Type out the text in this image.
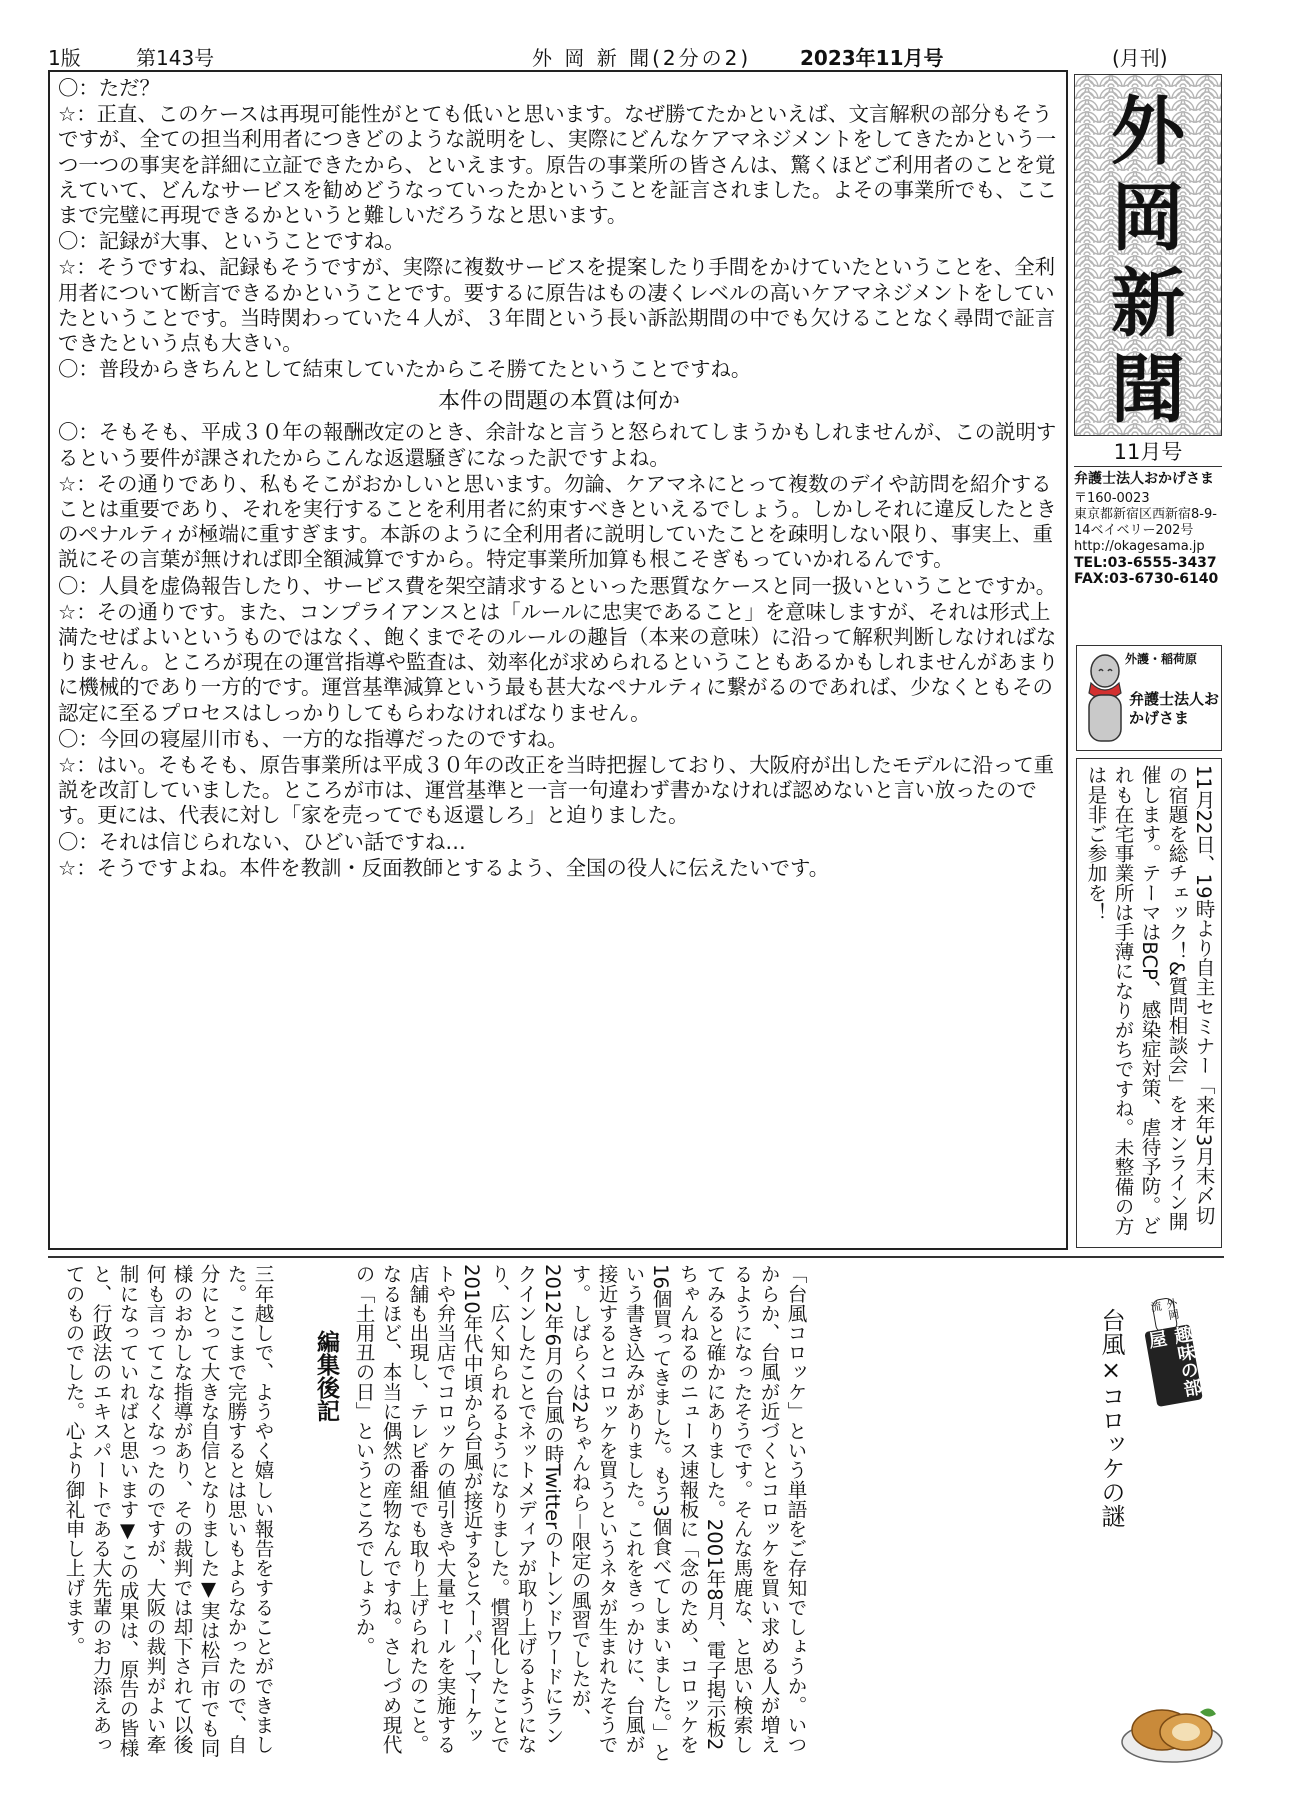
1版	第143号	外 岡 新 聞(2分の2) 2023年11月号	(月刊)

〇：ただ？

☆：正直、このケースは再現可能性がとても低いと思います。なぜ勝てたかといえば、文言解釈の部分もそうですが、全ての担当利用者につきどのような説明をし、実際にどんなケアマネジメントをしてきたかという一つ一つの事実を詳細に立証できたから、といえます。原告の事業所の皆さんは、驚くほどご利用者のことを覚えていて、どんなサービスを勧めどうなっていったかということを証言されました。よその事業所でも、ここまで完璧に再現できるかというと難しいだろうなと思います。

〇：記録が大事、ということですね。

☆：そうですね、記録もそうですが、実際に複数サービスを提案したり手間をかけていたということを、全利用者について断言できるかということです。要するに原告はもの凄くレベルの高いケアマネジメントをしていたということです。当時関わっていた４人が、３年間という長い訴訟期間の中でも欠けることなく尋問で証言できたという点も大きい。

〇：普段からきちんとして結束していたからこそ勝てたということですね。

本件の問題の本質は何か

〇：そもそも、平成３０年の報酬改定のとき、余計なと言うと怒られてしまうかもしれませんが、この説明するという要件が課されたからこんな返還騒ぎになった訳ですよね。

☆：その通りであり、私もそこがおかしいと思います。勿論、ケアマネにとって複数のデイや訪問を紹介することは重要であり、それを実行することを利用者に約束すべきといえるでしょう。しかしそれに違反したときのペナルティが極端に重すぎます。本訴のように全利用者に説明していたことを疎明しない限り、事実上、重説にその言葉が無ければ即全額減算ですから。特定事業所加算も根こそぎもっていかれるんです。

〇：人員を虚偽報告したり、サービス費を架空請求するといった悪質なケースと同一扱いということですか。

☆：その通りです。また、コンプライアンスとは「ルールに忠実であること」を意味しますが、それは形式上満たせばよいというものではなく、飽くまでそのルールの趣旨（本来の意味）に沿って解釈判断しなければなりません。ところが現在の運営指導や監査は、効率化が求められるということもあるかもしれませんがあまりに機械的であり一方的です。運営基準減算という最も甚大なペナルティに繋がるのであれば、少なくともその認定に至るプロセスはしっかりしてもらわなければなりません。

〇：今回の寝屋川市も、一方的な指導だったのですね。

☆：はい。そもそも、原告事業所は平成３０年の改正を当時把握しており、大阪府が出したモデルに沿って重説を改訂していました。ところが市は、運営基準と一言一句違わず書かなければ認めないと言い放ったのです。更には、代表に対し「家を売ってでも返還しろ」と迫りました。

〇：それは信じられない、ひどい話ですね…

☆：そうですよね。本件を教訓・反面教師とするよう、全国の役人に伝えたいです。

外
岡
新
聞
11月号
弁護士法人おかげさま
〒160-0023
東京都新宿区西新宿8-9-14ベイベリー202号
http://okagesama.jp
TEL:03-6555-3437
FAX:03-6730-6140
外護・稲荷原
弁護士法人おかげさま
11月22日、19時より自主セミナー「来年3月末〆切の宿題を総チェック！&質問相談会」をオンライン開催します。テーマはBCP、感染症対策、虐待予防。どれも在宅事業所は手薄になりがちですね。未整備の方は是非ご参加を！
外岡流
趣味の部屋
台風×コロッケの謎
「台風コロッケ」という単語をご存知でしょうか。いつからか、台風が近づくとコロッケを買い求める人が増えるようになったそうです。そんな馬鹿な、と思い検索してみると確かにありました。2001年8月、電子掲示板2ちゃんねるのニュース速報板に「念のため、コロッケを16個買ってきました。もう3個食べてしまいました。」という書き込みがありました。これをきっかけに、台風が接近するとコロッケを買うというネタが生まれたそうです。しばらくは2ちゃんねら－限定の風習でしたが、2012年6月の台風の時Twitterのトレンドワードにランクインしたことでネットメディアが取り上げるようになり、広く知られるようになりました。慣習化したことで2010年代中頃から台風が接近するとスーパーマーケットや弁当店でコロッケの値引きや大量セールを実施する店舗も出現し、テレビ番組でも取り上げられたのこと。なるほど、本当に偶然の産物なんですね。さしづめ現代の「土用丑の日」というところでしょうか。
編集後記
三年越しで、ようやく嬉しい報告をすることができました。ここまで完勝するとは思いもよらなかったので、自分にとって大きな自信となりました▼実は松戸市でも同様のおかしな指導があり、その裁判では却下されて以後何も言ってこなくなったのですが、大阪の裁判がよい牽制になっていればと思います▼この成果は、原告の皆様と、行政法のエキスパートである大先輩のお力添えあってのものでした。心より御礼申し上げます。
